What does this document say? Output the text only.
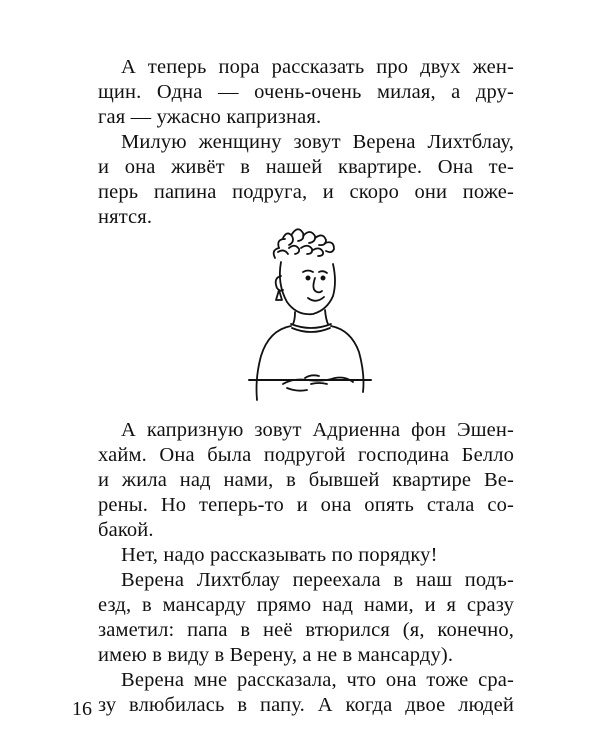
А теперь пора рассказать про двух жен-
щин. Одна — очень-очень милая, а дру-
гая — ужасно капризная.
Милую женщину зовут Верена Лихтблау,
и она живёт в нашей квартире. Она те-
перь папина подруга, и скоро они поже-
нятся.
А капризную зовут Адриенна фон Эшен-
хайм. Она была подругой господина Белло
и жила над нами, в бывшей квартире Ве-
рены. Но теперь-то и она опять стала со-
бакой.
Нет, надо рассказывать по порядку!
Верена Лихтблау переехала в наш подъ-
езд, в мансарду прямо над нами, и я сразу
заметил: папа в неё втюрился (я, конечно,
имею в виду в Верену, а не в мансарду).
Верена мне рассказала, что она тоже сра-
зу влюбилась в папу. А когда двое людей
16
